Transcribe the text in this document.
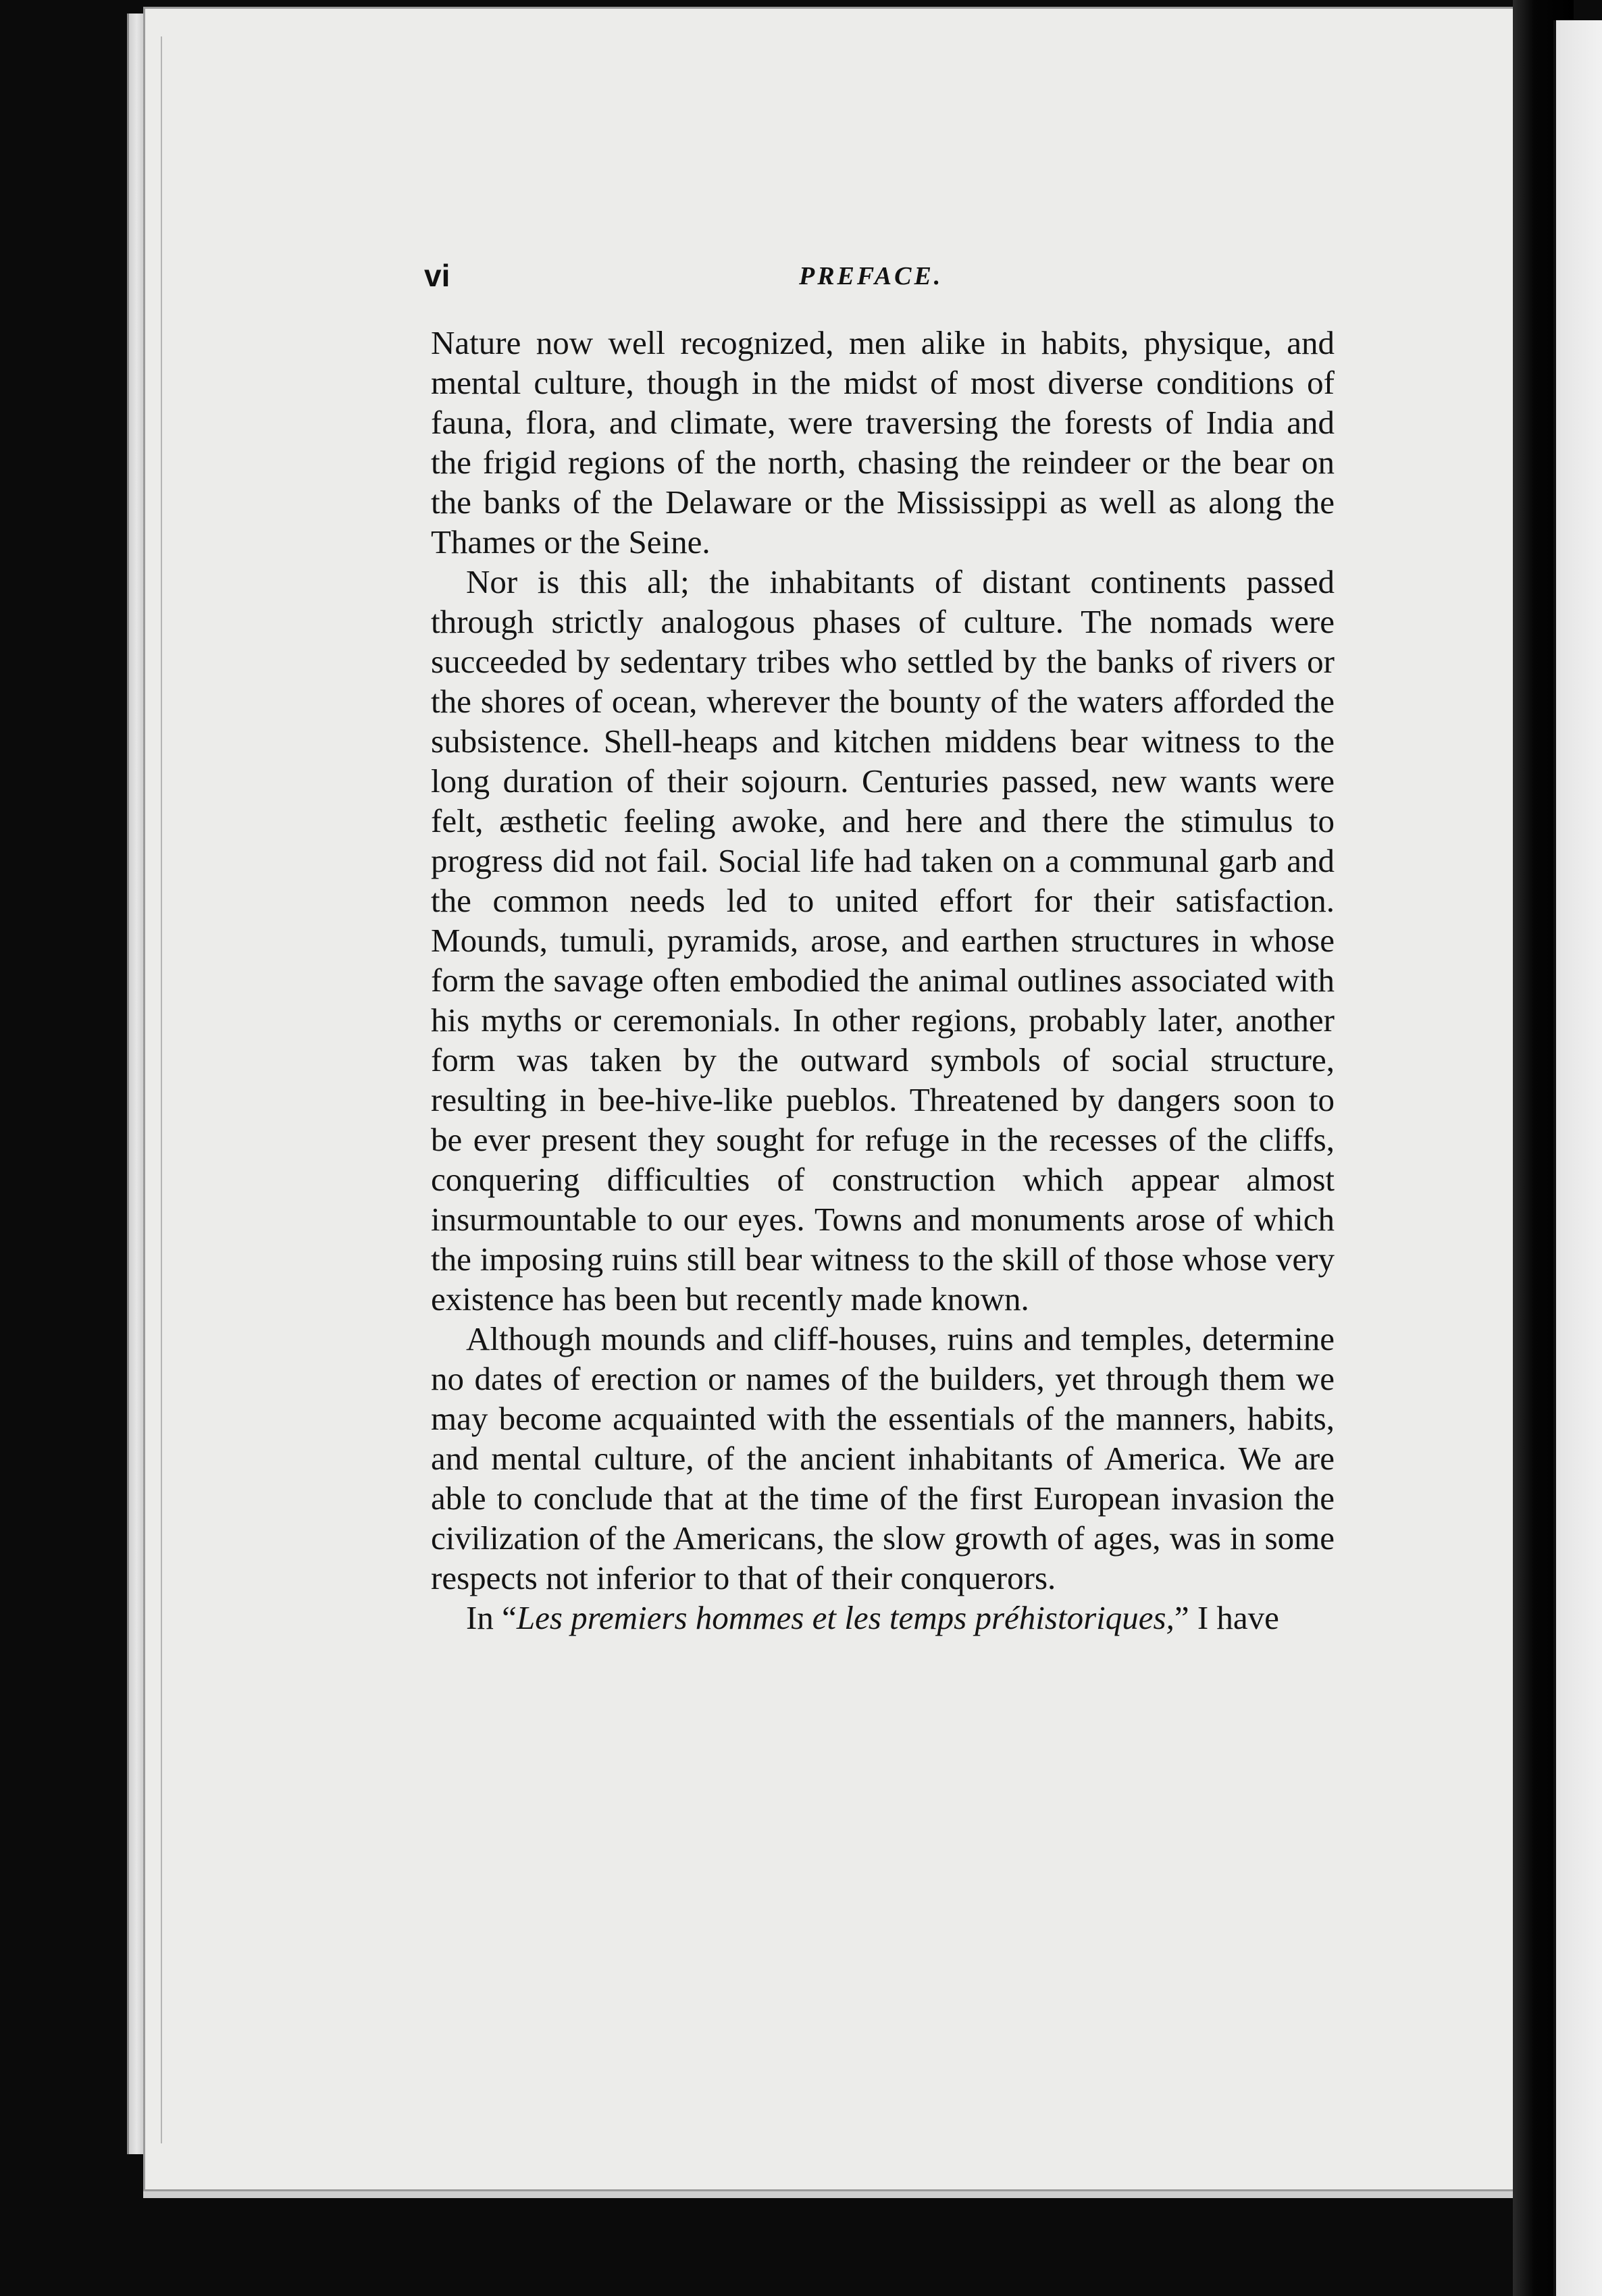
vi	PREFACE.

Nature now well recognized, men alike in habits, physique, and mental culture, though in the midst of most diverse conditions of fauna, flora, and climate, were traversing the forests of India and the frigid regions of the north, chasing the reindeer or the bear on the banks of the Delaware or the Mississippi as well as along the Thames or the Seine.

Nor is this all; the inhabitants of distant continents passed through strictly analogous phases of culture. The nomads were succeeded by sedentary tribes who settled by the banks of rivers or the shores of ocean, wherever the bounty of the waters afforded the subsistence. Shell-heaps and kitchen middens bear witness to the long duration of their sojourn. Centuries passed, new wants were felt, æsthetic feeling awoke, and here and there the stimulus to progress did not fail. Social life had taken on a communal garb and the common needs led to united effort for their satisfaction. Mounds, tumuli, pyramids, arose, and earthen structures in whose form the savage often embodied the animal outlines associated with his myths or ceremonials. In other regions, probably later, another form was taken by the outward symbols of social structure, resulting in bee-hive-like pueblos. Threatened by dangers soon to be ever present they sought for refuge in the recesses of the cliffs, conquering difficulties of construction which appear almost insurmountable to our eyes. Towns and monuments arose of which the imposing ruins still bear witness to the skill of those whose very existence has been but recently made known.

Although mounds and cliff-houses, ruins and temples, determine no dates of erection or names of the builders, yet through them we may become acquainted with the essentials of the manners, habits, and mental culture, of the ancient inhabitants of America. We are able to conclude that at the time of the first European invasion the civilization of the Americans, the slow growth of ages, was in some respects not inferior to that of their conquerors.

In “Les premiers hommes et les temps préhistoriques,” I have
